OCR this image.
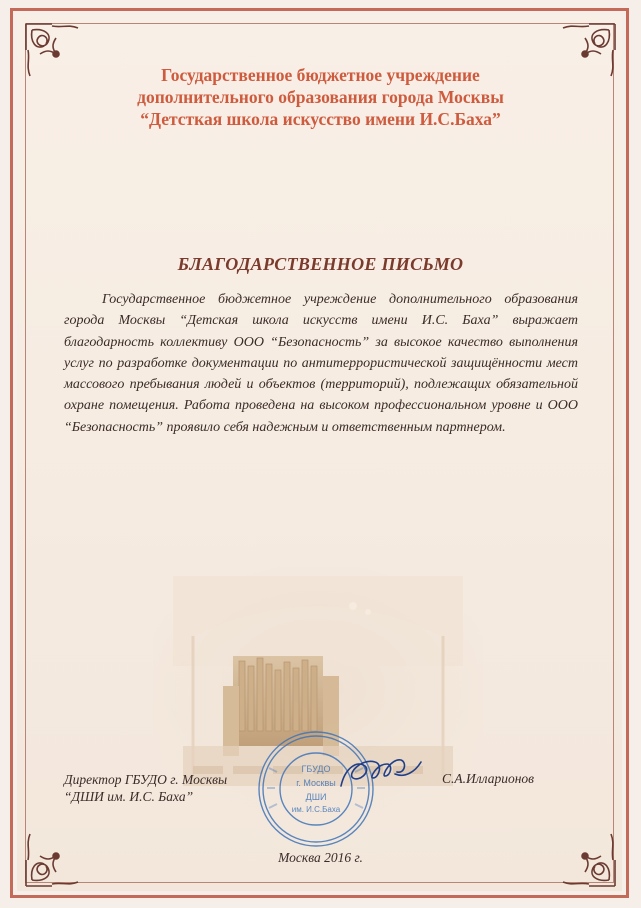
Государственное бюджетное учреждение
дополнительного образования города Москвы
“Детсткая школа искусство имени И.С.Баха”
БЛАГОДАРСТВЕННОЕ ПИСЬМО
Государственное бюджетное учреждение дополнительного образования города Москвы “Детская школа искусств имени И.С. Баха” выражает благодарность коллективу ООО “Безопасность” за высокое качество выполнения услуг по разработке документации по антитеррористической защищённости мест массового пребывания людей и объектов (территорий), подлежащих обязательной охране помещения. Работа проведена на высоком профессиональном уровне и ООО “Безопасность” проявило себя надежным и ответственным партнером.
Директор ГБУДО г. Москвы
“ДШИ им. И.С. Баха”
С.А.Илларионов
ГБУДО
г. Москвы
ДШИ
им. И.С.Баха
Москва 2016 г.
